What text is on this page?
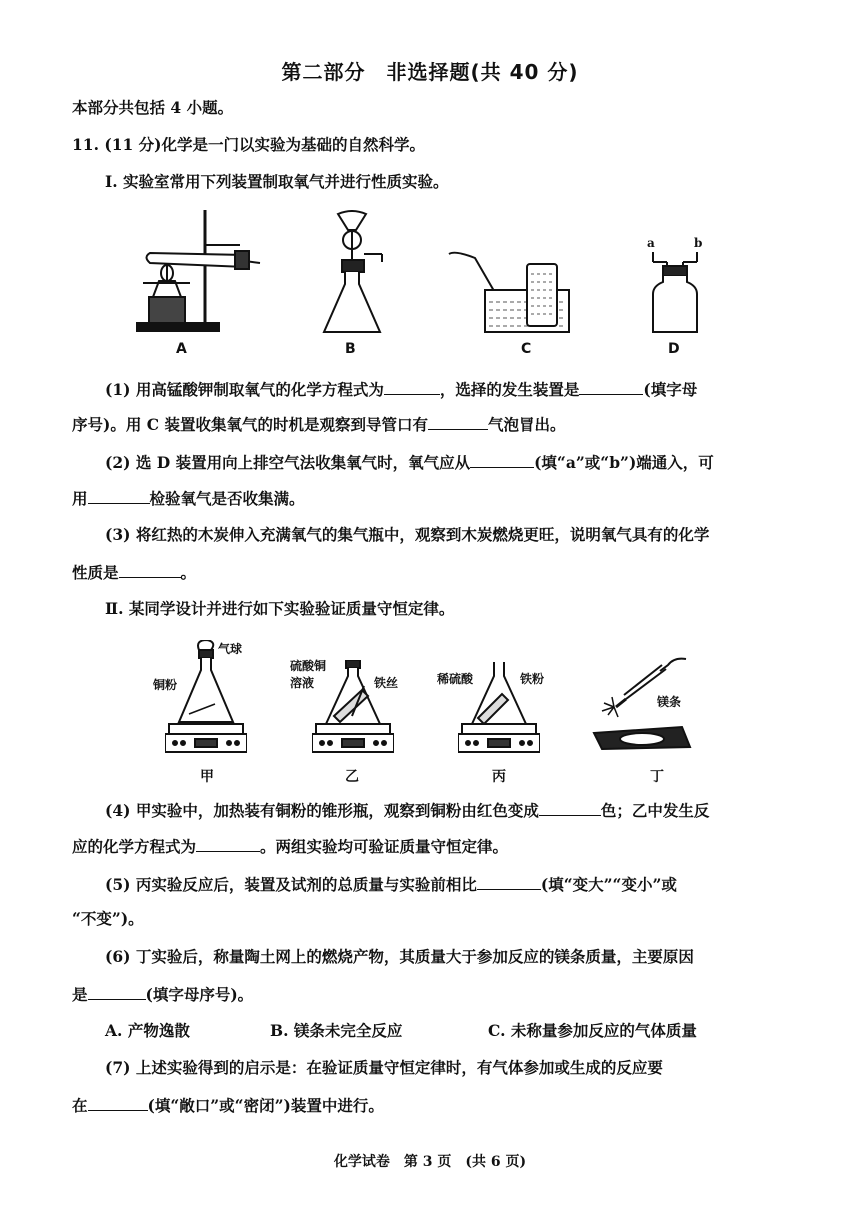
第二部分　非选择题(共 40 分)
本部分共包括 4 小题。
11. (11 分)化学是一门以实验为基础的自然科学。
Ⅰ. 实验室常用下列装置制取氧气并进行性质实验。
A	B	C
a	b
D
(1) 用高锰酸钾制取氧气的化学方程式为	，选择的发生装置是	(填字母
序号)。用 C 装置收集氧气的时机是观察到导管口有	气泡冒出。
(2) 选 D 装置用向上排空气法收集氧气时，氧气应从	(填“a”或“b”)端通入，可
用	检验氧气是否收集满。
(3) 将红热的木炭伸入充满氧气的集气瓶中，观察到木炭燃烧更旺，说明氧气具有的化学
性质是	。
Ⅱ. 某同学设计并进行如下实验验证质量守恒定律。
气球
铜粉
甲
硫酸铜
溶液	铁丝
乙
稀硫酸	铁粉
丙
镁条
丁
(4) 甲实验中，加热装有铜粉的锥形瓶，观察到铜粉由红色变成	色；乙中发生反
应的化学方程式为	。两组实验均可验证质量守恒定律。
(5) 丙实验反应后，装置及试剂的总质量与实验前相比	(填“变大”“变小”或
“不变”)。
(6) 丁实验后，称量陶土网上的燃烧产物，其质量大于参加反应的镁条质量，主要原因
是	(填字母序号)。
A. 产物逸散	B. 镁条未完全反应	C. 未称量参加反应的气体质量
(7) 上述实验得到的启示是：在验证质量守恒定律时，有气体参加或生成的反应要
在	(填“敞口”或“密闭”)装置中进行。
化学试卷　第 3 页　(共 6 页)
